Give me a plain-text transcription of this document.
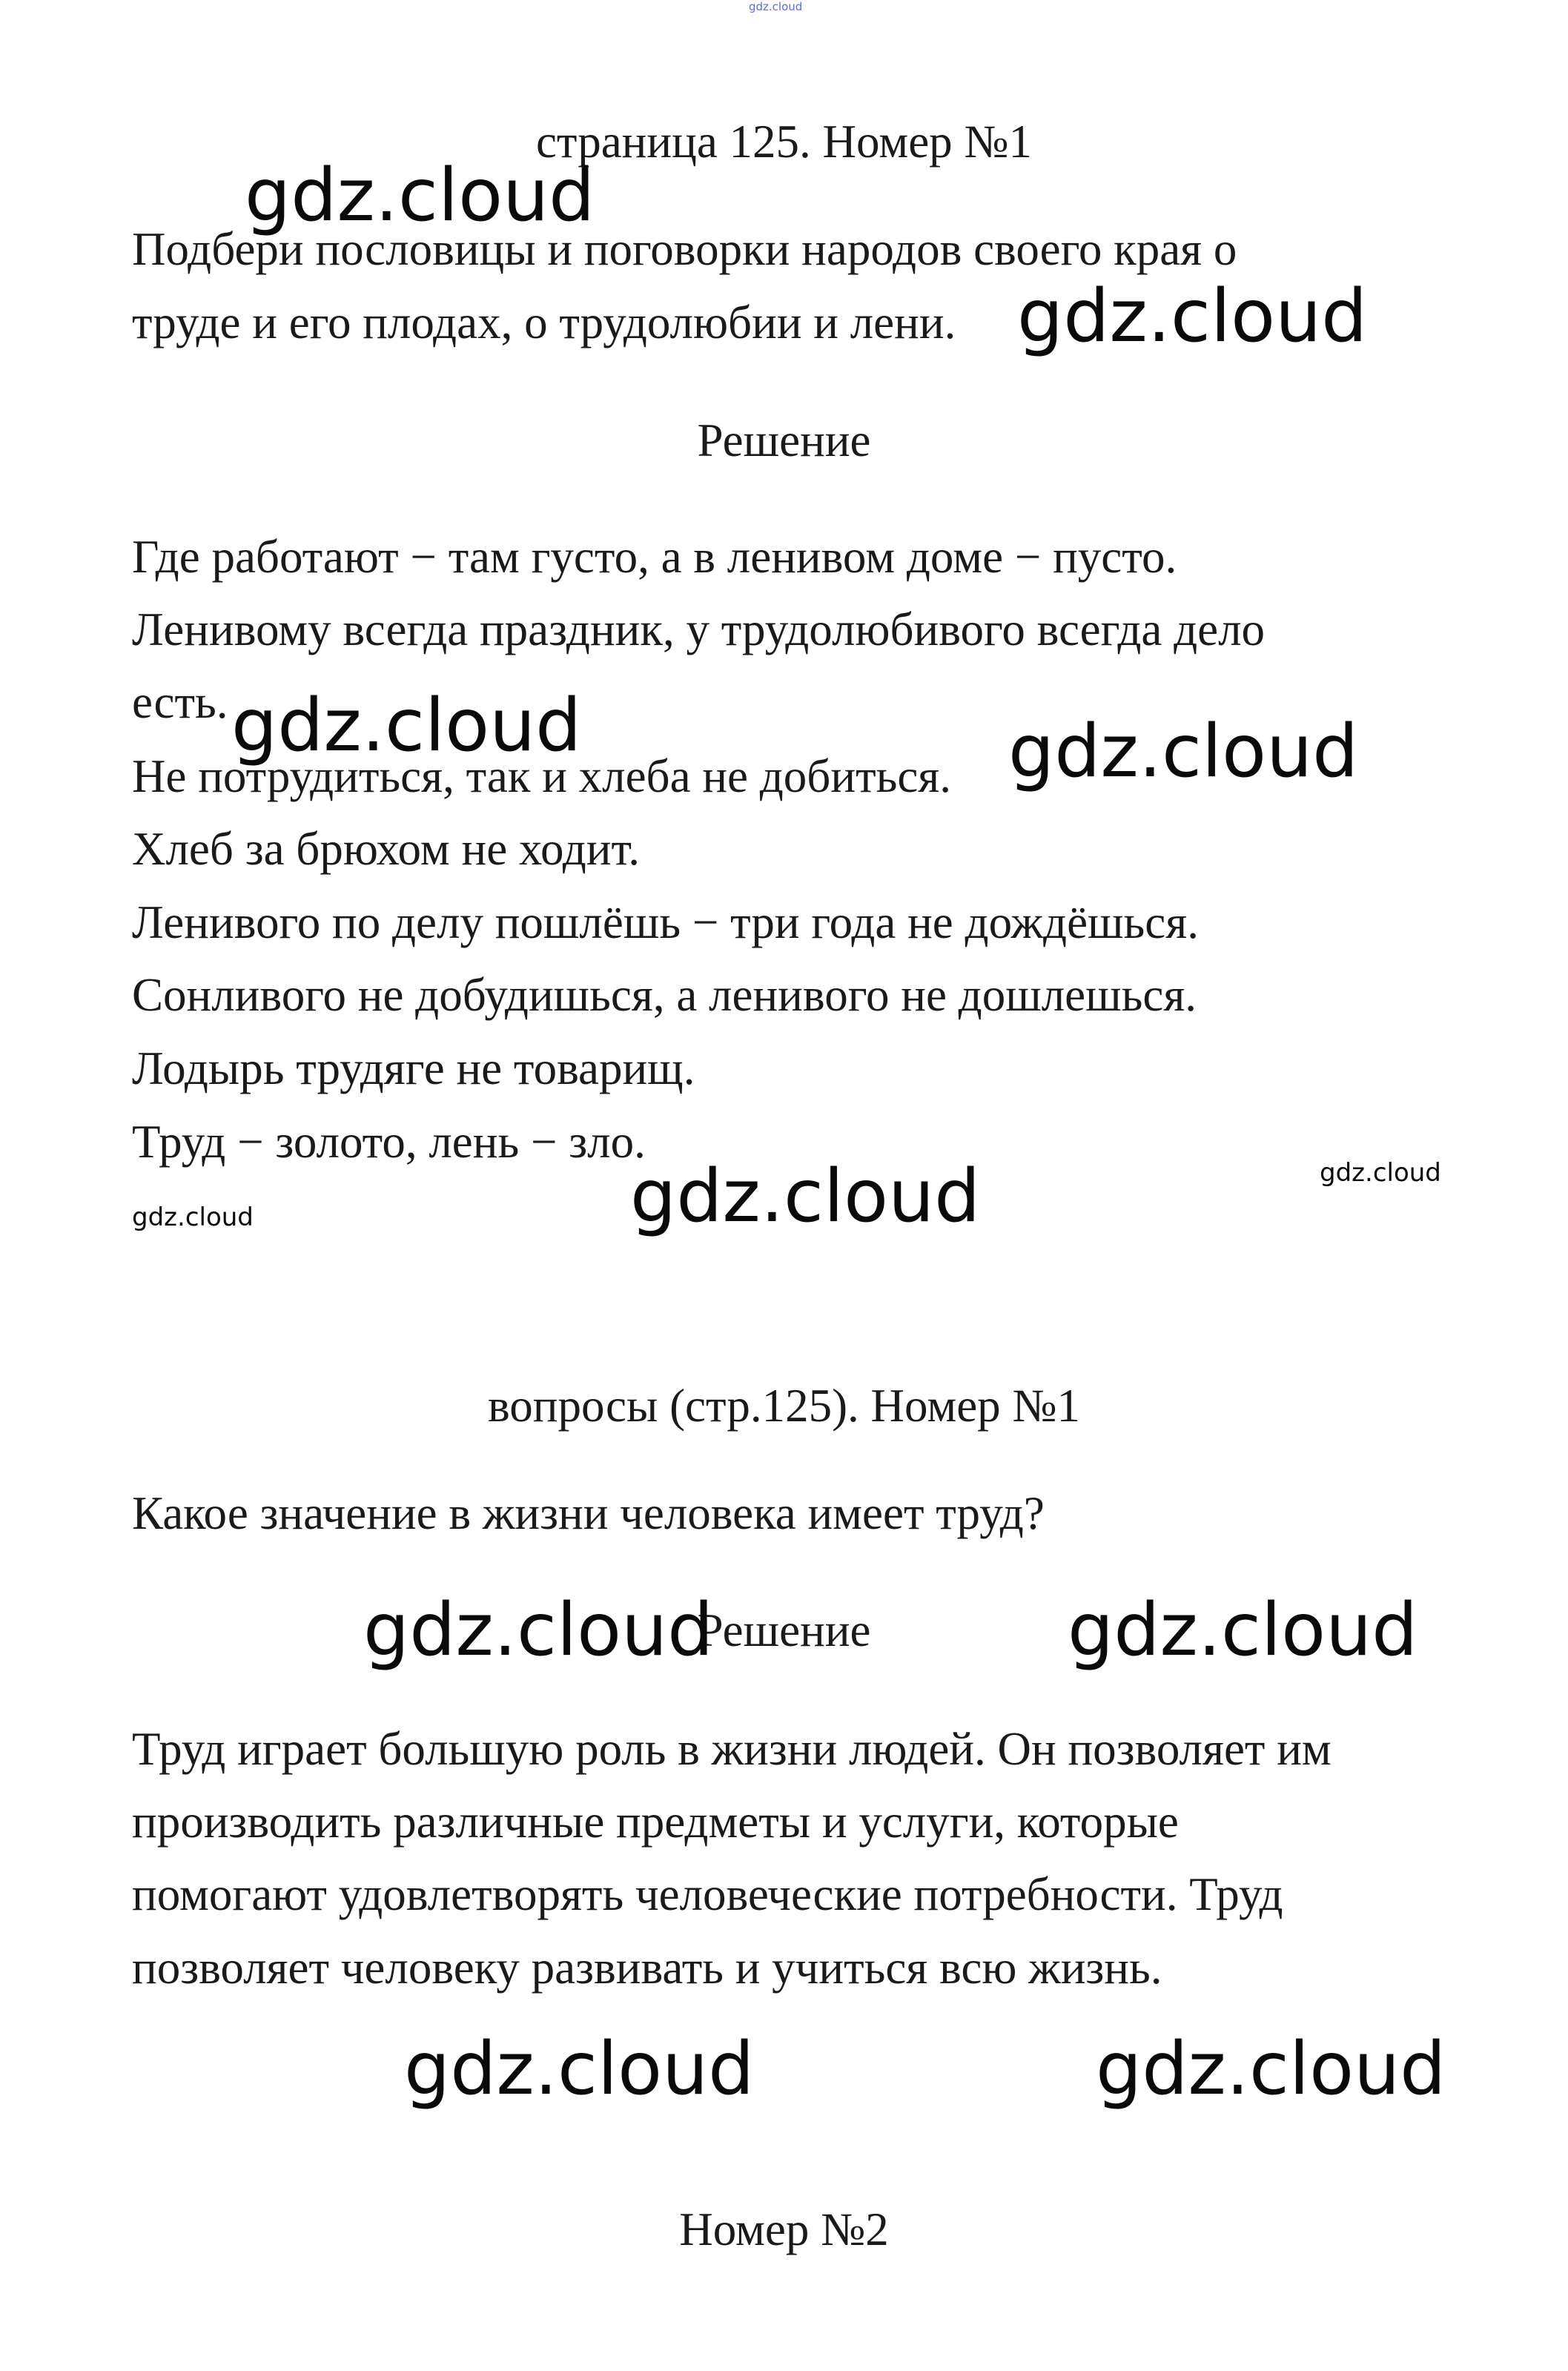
gdz.cloud
страница 125. Номер №1
Подбери пословицы и поговорки народов своего края о
труде и его плодах, о трудолюбии и лени.
Решение
Где работают − там густо, а в ленивом доме − пусто.
Ленивому всегда праздник, у трудолюбивого всегда дело
есть.
Не потрудиться, так и хлеба не добиться.
Хлеб за брюхом не ходит.
Ленивого по делу пошлёшь − три года не дождёшься.
Сонливого не добудишься, а ленивого не дошлешься.
Лодырь трудяге не товарищ.
Труд − золото, лень − зло.
вопросы (стр.125). Номер №1
Какое значение в жизни человека имеет труд?
Решение
Труд играет большую роль в жизни людей. Он позволяет им
производить различные предметы и услуги, которые
помогают удовлетворять человеческие потребности. Труд
позволяет человеку развивать и учиться всю жизнь.
Номер №2
gdz.cloud
gdz.cloud
gdz.cloud	gdz.cloud
gdz.cloud	gdz.cloud
gdz.cloud
gdz.cloud	gdz.cloud
gdz.cloud	gdz.cloud
